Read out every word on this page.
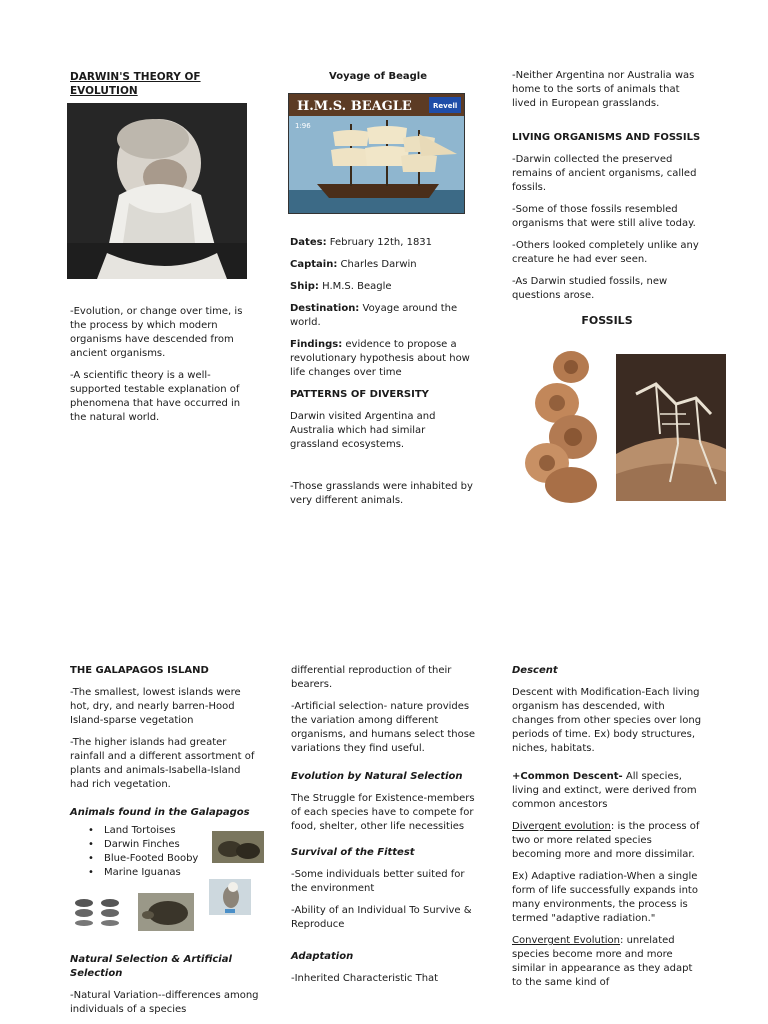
DARWIN'S THEORY OF EVOLUTION

-Evolution, or change over time, is the process by which modern organisms have descended from ancient organisms.

-A scientific theory is a well-supported testable explanation of phenomena that have occurred in the natural world.

Voyage of Beagle
H.M.S. BEAGLE	Revell
1:96

Dates: February 12th, 1831

Captain: Charles Darwin

Ship: H.M.S. Beagle

Destination: Voyage around the world.

Findings: evidence to propose a revolutionary hypothesis about how life changes over time

PATTERNS OF DIVERSITY

Darwin visited Argentina and Australia which had similar grassland ecosystems.

-Those grasslands were inhabited by very different animals.

-Neither Argentina nor Australia was home to the sorts of animals that lived in European grasslands.

LIVING ORGANISMS AND FOSSILS

-Darwin collected the preserved remains of ancient organisms, called fossils.

-Some of those fossils resembled organisms that were still alive today.

-Others looked completely unlike any creature he had ever seen.

-As Darwin studied fossils, new questions arose.

FOSSILS

THE GALAPAGOS ISLAND

-The smallest, lowest islands were hot, dry, and nearly barren-Hood Island-sparse vegetation

-The higher islands had greater rainfall and a different assortment of plants and animals-Isabella-Island had rich vegetation.

Animals found in the Galapagos

• Land Tortoises
• Darwin Finches
• Blue-Footed Booby
• Marine Iguanas

Natural Selection & Artificial Selection

-Natural Variation--differences among individuals of a species

differential reproduction of their bearers.

-Artificial selection- nature provides the variation among different organisms, and humans select those variations they find useful.

Evolution by Natural Selection

The Struggle for Existence-members of each species have to compete for food, shelter, other life necessities

Survival of the Fittest

-Some individuals better suited for the environment

-Ability of an Individual To Survive & Reproduce

Adaptation

-Inherited Characteristic That

Descent

Descent with Modification-Each living organism has descended, with changes from other species over long periods of time. Ex) body structures, niches, habitats.

+Common Descent- All species, living and extinct, were derived from common ancestors

Divergent evolution: is the process of two or more related species becoming more and more dissimilar.

Ex) Adaptive radiation-When a single form of life successfully expands into many environments, the process is termed "adaptive radiation."

Convergent Evolution: unrelated species become more and more similar in appearance as they adapt to the same kind of
